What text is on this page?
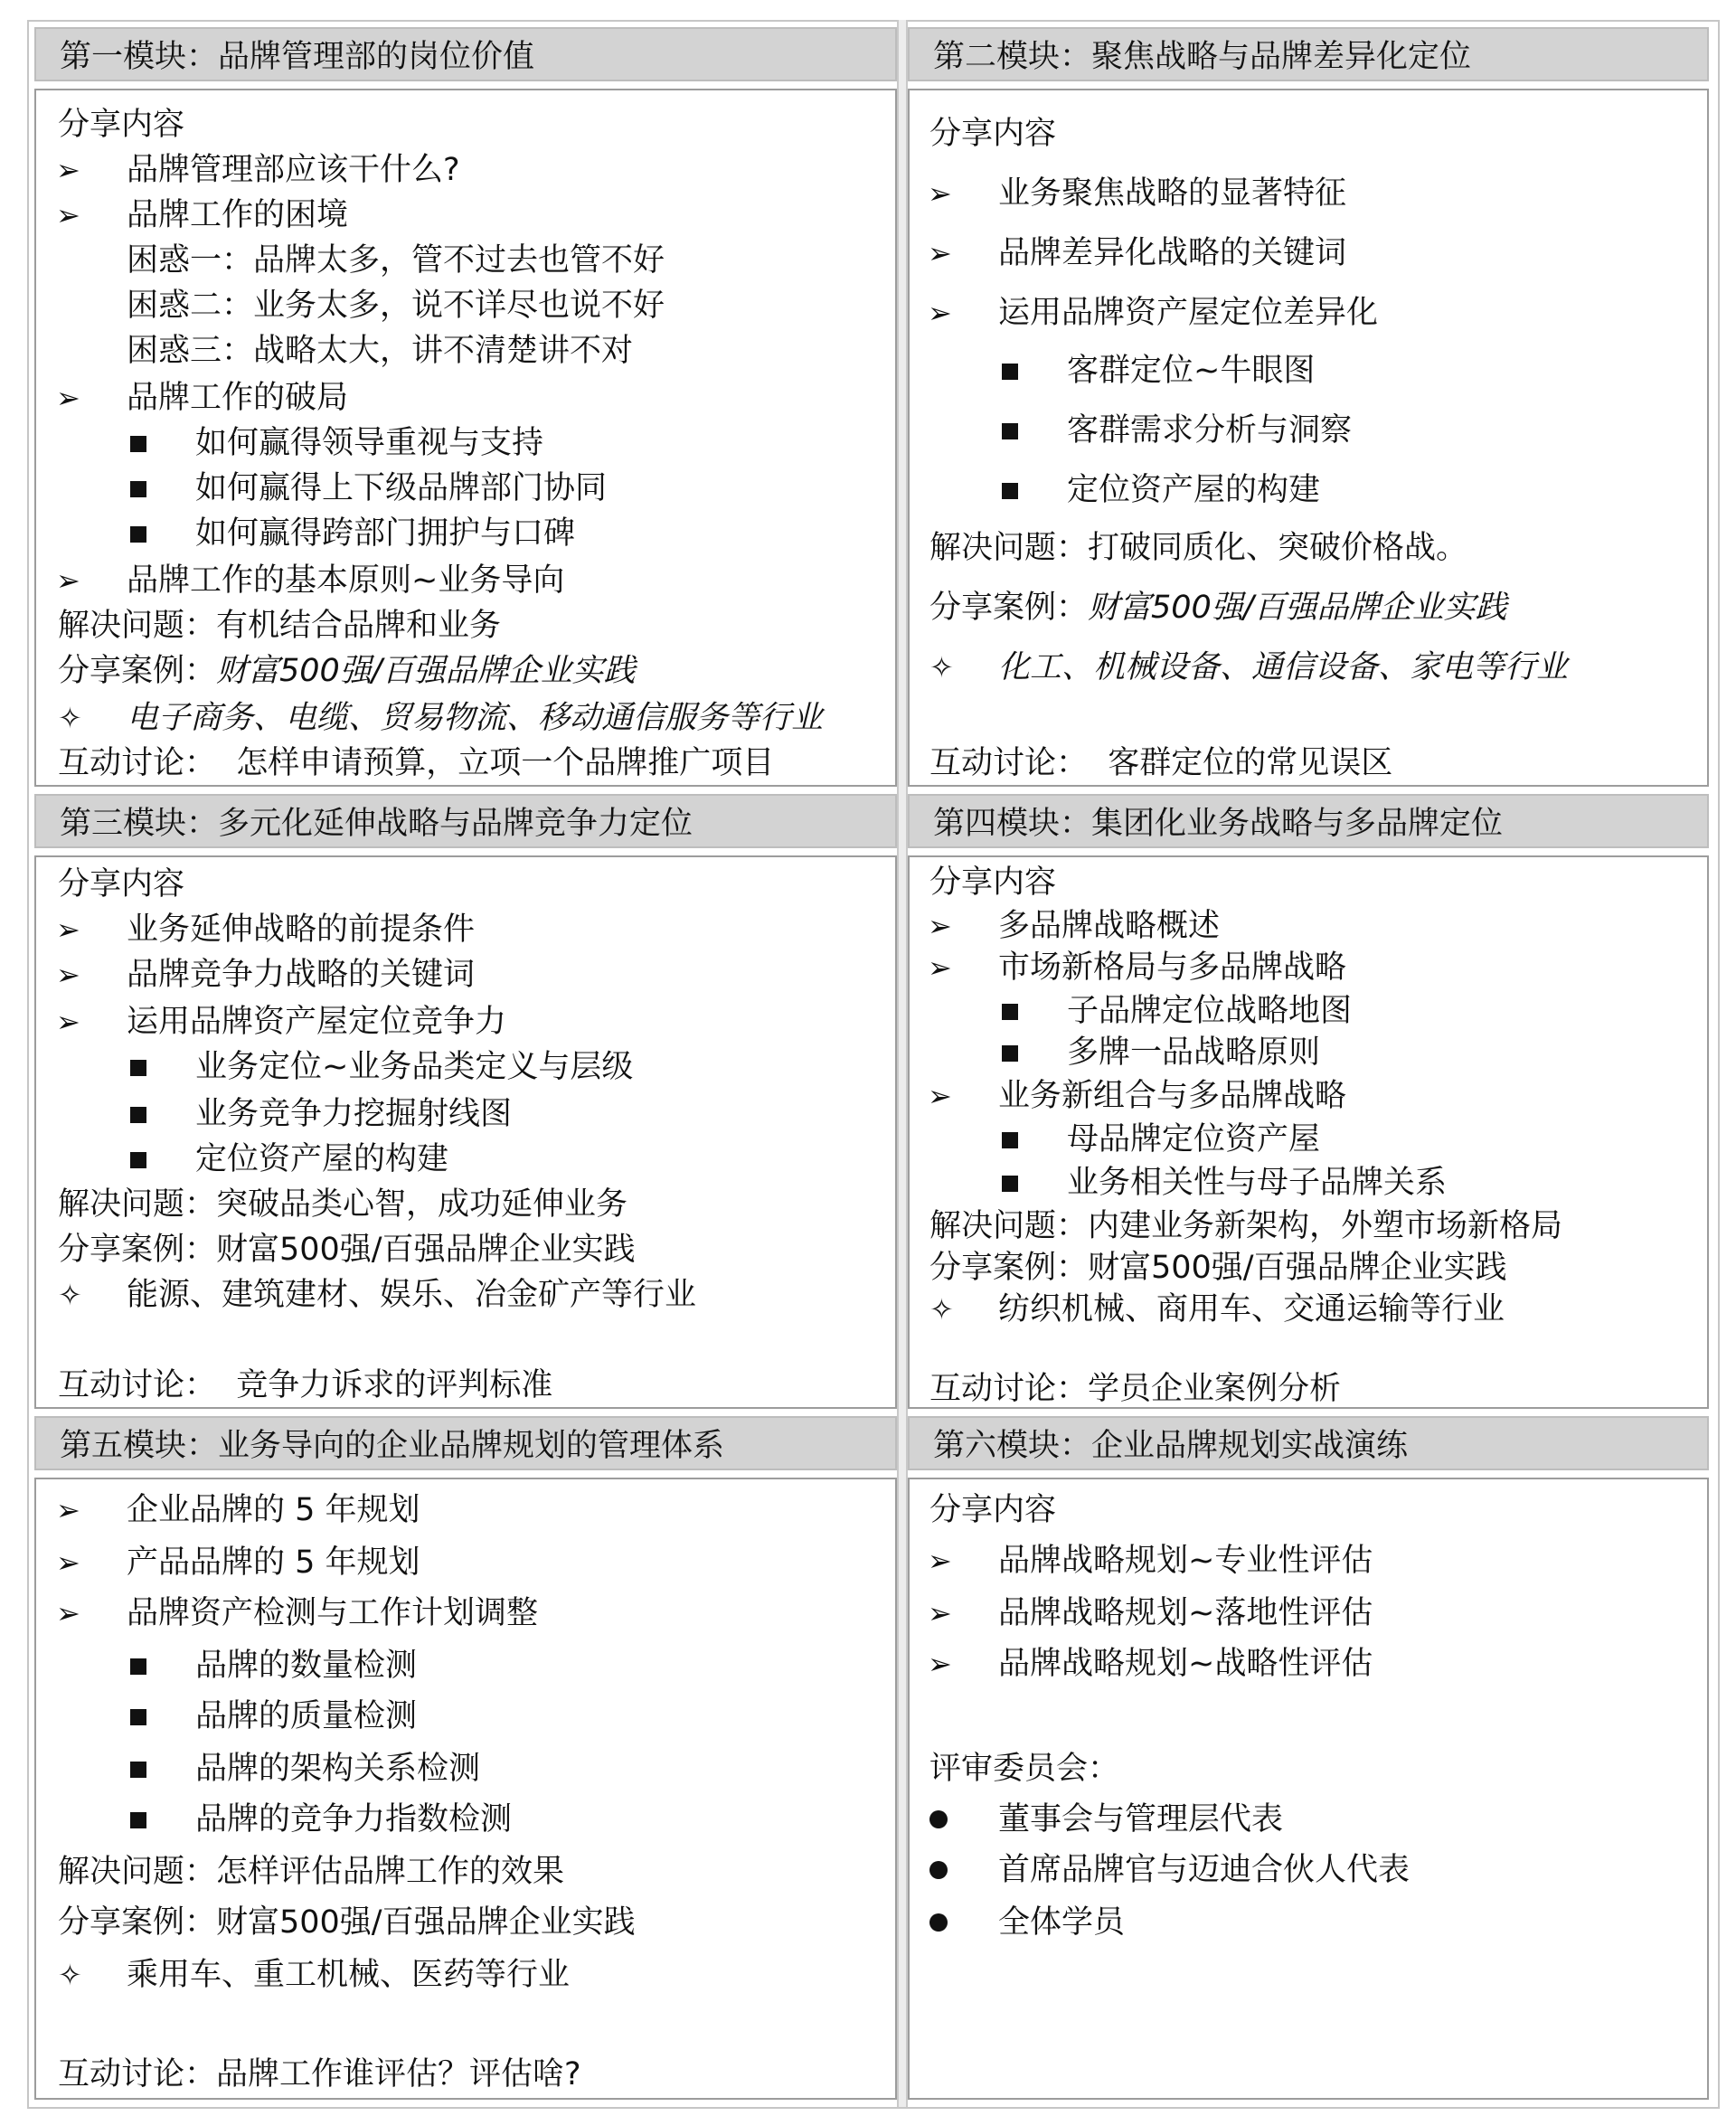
第一模块：品牌管理部的岗位价值
分享内容
➢ 品牌管理部应该干什么?
➢ 品牌工作的困境
困惑一：品牌太多，管不过去也管不好
困惑二：业务太多，说不详尽也说不好
困惑三：战略太大，讲不清楚讲不对
➢ 品牌工作的破局
如何赢得领导重视与支持
如何赢得上下级品牌部门协同
如何赢得跨部门拥护与口碑
➢ 品牌工作的基本原则~业务导向
解决问题：有机结合品牌和业务
分享案例：财富500强/百强品牌企业实践
✧ 电子商务、电缆、贸易物流、移动通信服务等行业
互动讨论：  怎样申请预算，立项一个品牌推广项目
第二模块：聚焦战略与品牌差异化定位
分享内容
➢ 业务聚焦战略的显著特征
➢ 品牌差异化战略的关键词
➢ 运用品牌资产屋定位差异化
客群定位~牛眼图
客群需求分析与洞察
定位资产屋的构建
解决问题：打破同质化、突破价格战。
分享案例：财富500强/百强品牌企业实践
✧ 化工、机械设备、通信设备、家电等行业
互动讨论：  客群定位的常见误区
第三模块：多元化延伸战略与品牌竞争力定位
分享内容
➢ 业务延伸战略的前提条件
➢ 品牌竞争力战略的关键词
➢ 运用品牌资产屋定位竞争力
业务定位~业务品类定义与层级
业务竞争力挖掘射线图
定位资产屋的构建
解决问题：突破品类心智，成功延伸业务
分享案例：财富500强/百强品牌企业实践
✧ 能源、建筑建材、娱乐、冶金矿产等行业
互动讨论：  竞争力诉求的评判标准
第四模块：集团化业务战略与多品牌定位
分享内容
➢ 多品牌战略概述
➢ 市场新格局与多品牌战略
子品牌定位战略地图
多牌一品战略原则
➢ 业务新组合与多品牌战略
母品牌定位资产屋
业务相关性与母子品牌关系
解决问题：内建业务新架构，外塑市场新格局
分享案例：财富500强/百强品牌企业实践
✧ 纺织机械、商用车、交通运输等行业
互动讨论：学员企业案例分析
第五模块：业务导向的企业品牌规划的管理体系
➢ 企业品牌的 5 年规划
➢ 产品品牌的 5 年规划
➢ 品牌资产检测与工作计划调整
品牌的数量检测
品牌的质量检测
品牌的架构关系检测
品牌的竞争力指数检测
解决问题：怎样评估品牌工作的效果
分享案例：财富500强/百强品牌企业实践
✧ 乘用车、重工机械、医药等行业
互动讨论：品牌工作谁评估？评估啥?
第六模块：企业品牌规划实战演练
分享内容
➢ 品牌战略规划~专业性评估
➢ 品牌战略规划~落地性评估
➢ 品牌战略规划~战略性评估
评审委员会：
董事会与管理层代表
首席品牌官与迈迪合伙人代表
全体学员
